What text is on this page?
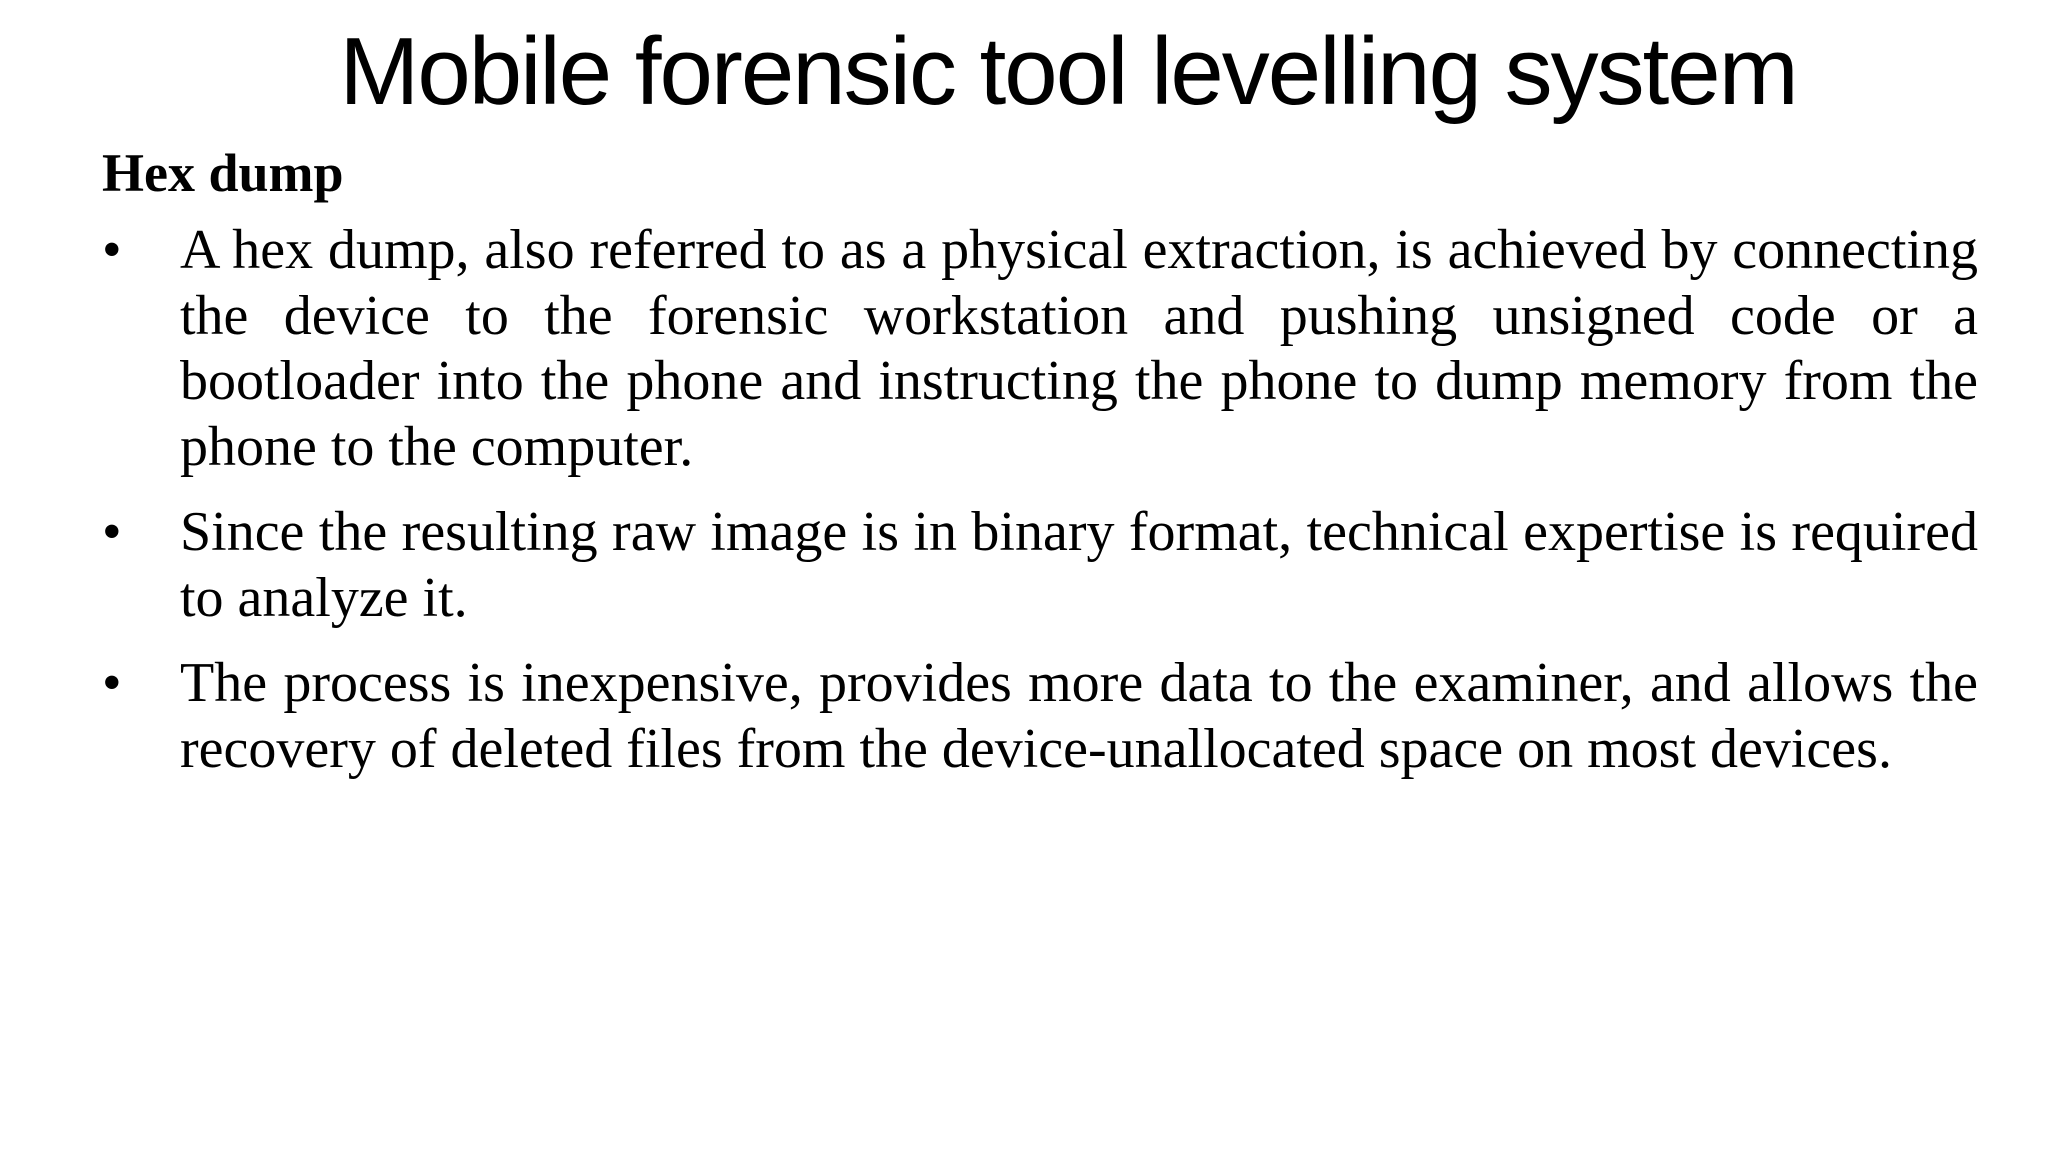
Mobile forensic tool levelling system
Hex dump
•	A hex dump, also referred to as a physical extraction, is achieved by connecting the device to the forensic workstation and pushing unsigned code or a bootloader into the phone and instructing the phone to dump memory from the phone to the computer.
•	Since the resulting raw image is in binary format, technical expertise is required to analyze it.
•	The process is inexpensive, provides more data to the examiner, and allows the recovery of deleted files from the device-unallocated space on most devices.
